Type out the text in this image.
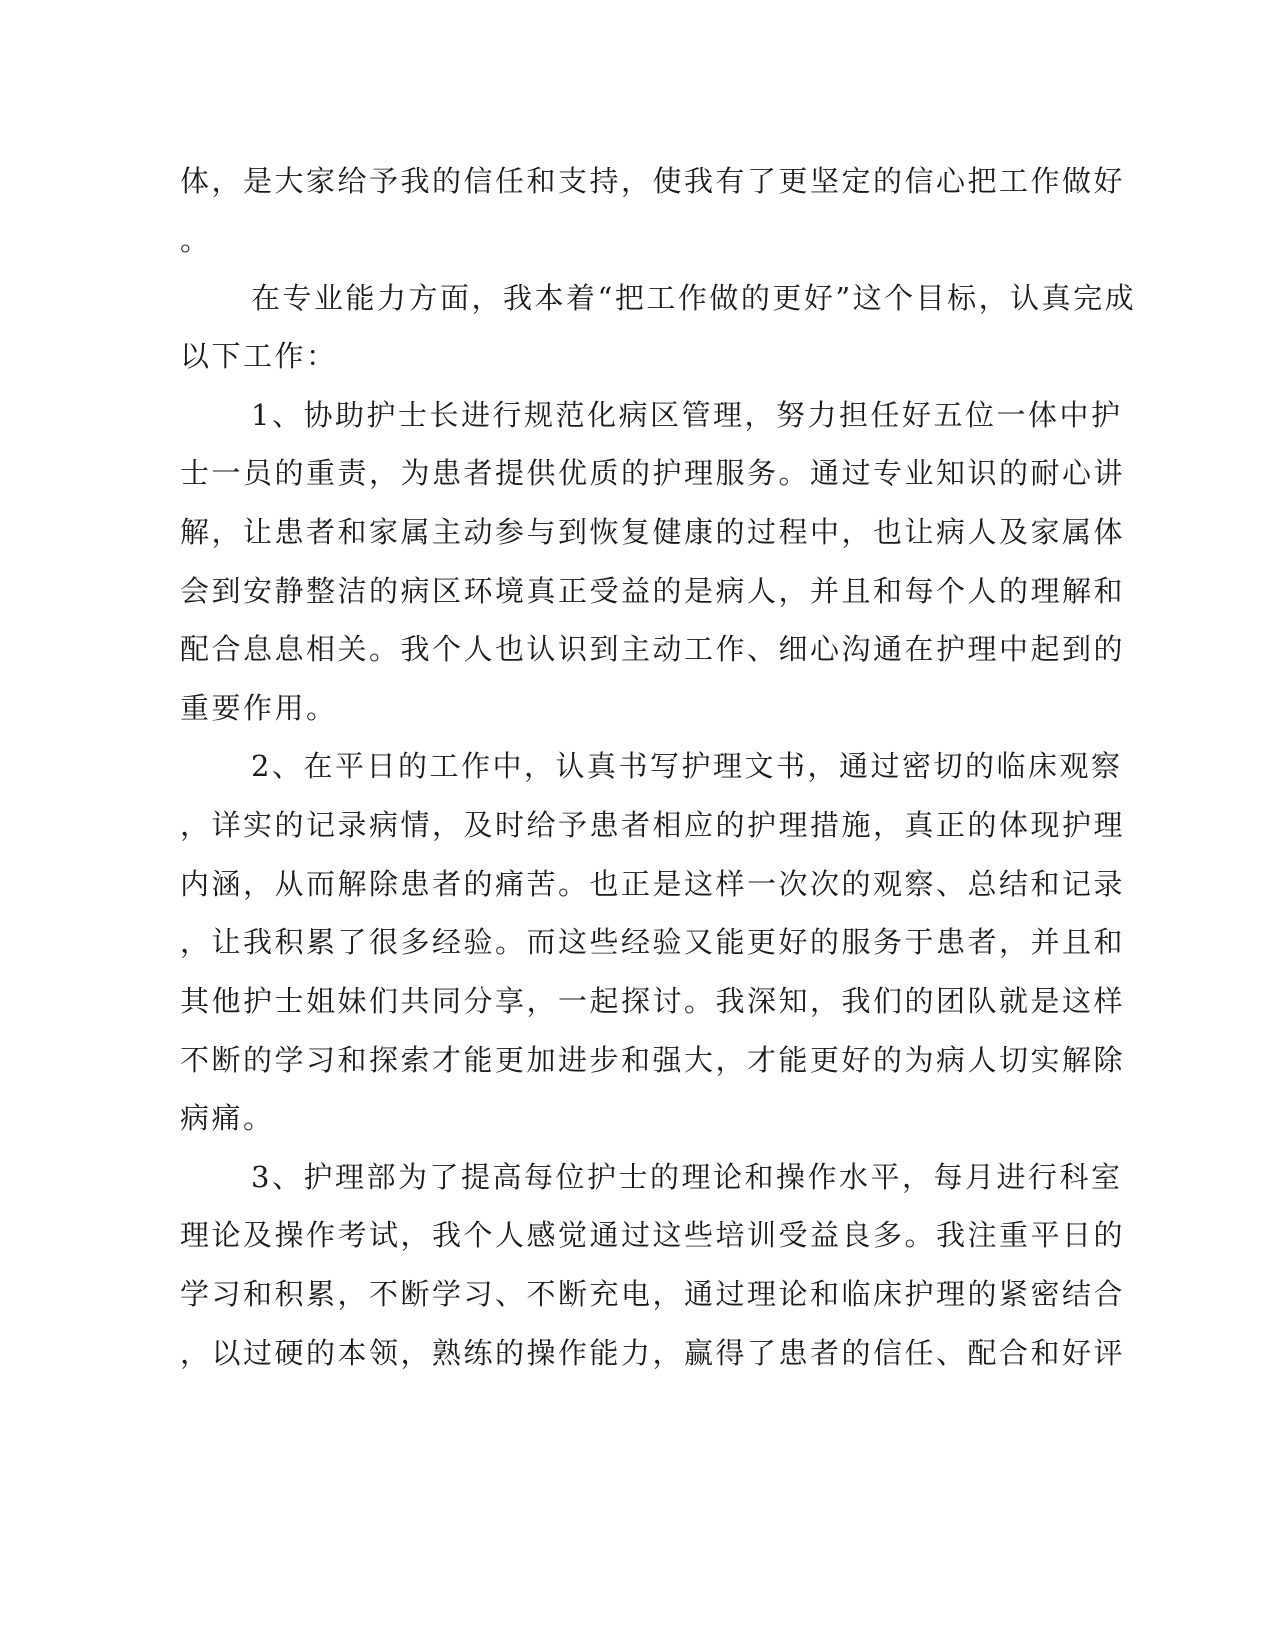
体，是大家给予我的信任和支持，使我有了更坚定的信心把工作做好
。
在专业能力方面，我本着“把工作做的更好”这个目标，认真完成
以下工作：
1、协助护士长进行规范化病区管理，努力担任好五位一体中护
士一员的重责，为患者提供优质的护理服务。通过专业知识的耐心讲
解，让患者和家属主动参与到恢复健康的过程中，也让病人及家属体
会到安静整洁的病区环境真正受益的是病人，并且和每个人的理解和
配合息息相关。我个人也认识到主动工作、细心沟通在护理中起到的
重要作用。
2、在平日的工作中，认真书写护理文书，通过密切的临床观察
，详实的记录病情，及时给予患者相应的护理措施，真正的体现护理
内涵，从而解除患者的痛苦。也正是这样一次次的观察、总结和记录
，让我积累了很多经验。而这些经验又能更好的服务于患者，并且和
其他护士姐妹们共同分享，一起探讨。我深知，我们的团队就是这样
不断的学习和探索才能更加进步和强大，才能更好的为病人切实解除
病痛。
3、护理部为了提高每位护士的理论和操作水平，每月进行科室
理论及操作考试，我个人感觉通过这些培训受益良多。我注重平日的
学习和积累，不断学习、不断充电，通过理论和临床护理的紧密结合
，以过硬的本领，熟练的操作能力，赢得了患者的信任、配合和好评
